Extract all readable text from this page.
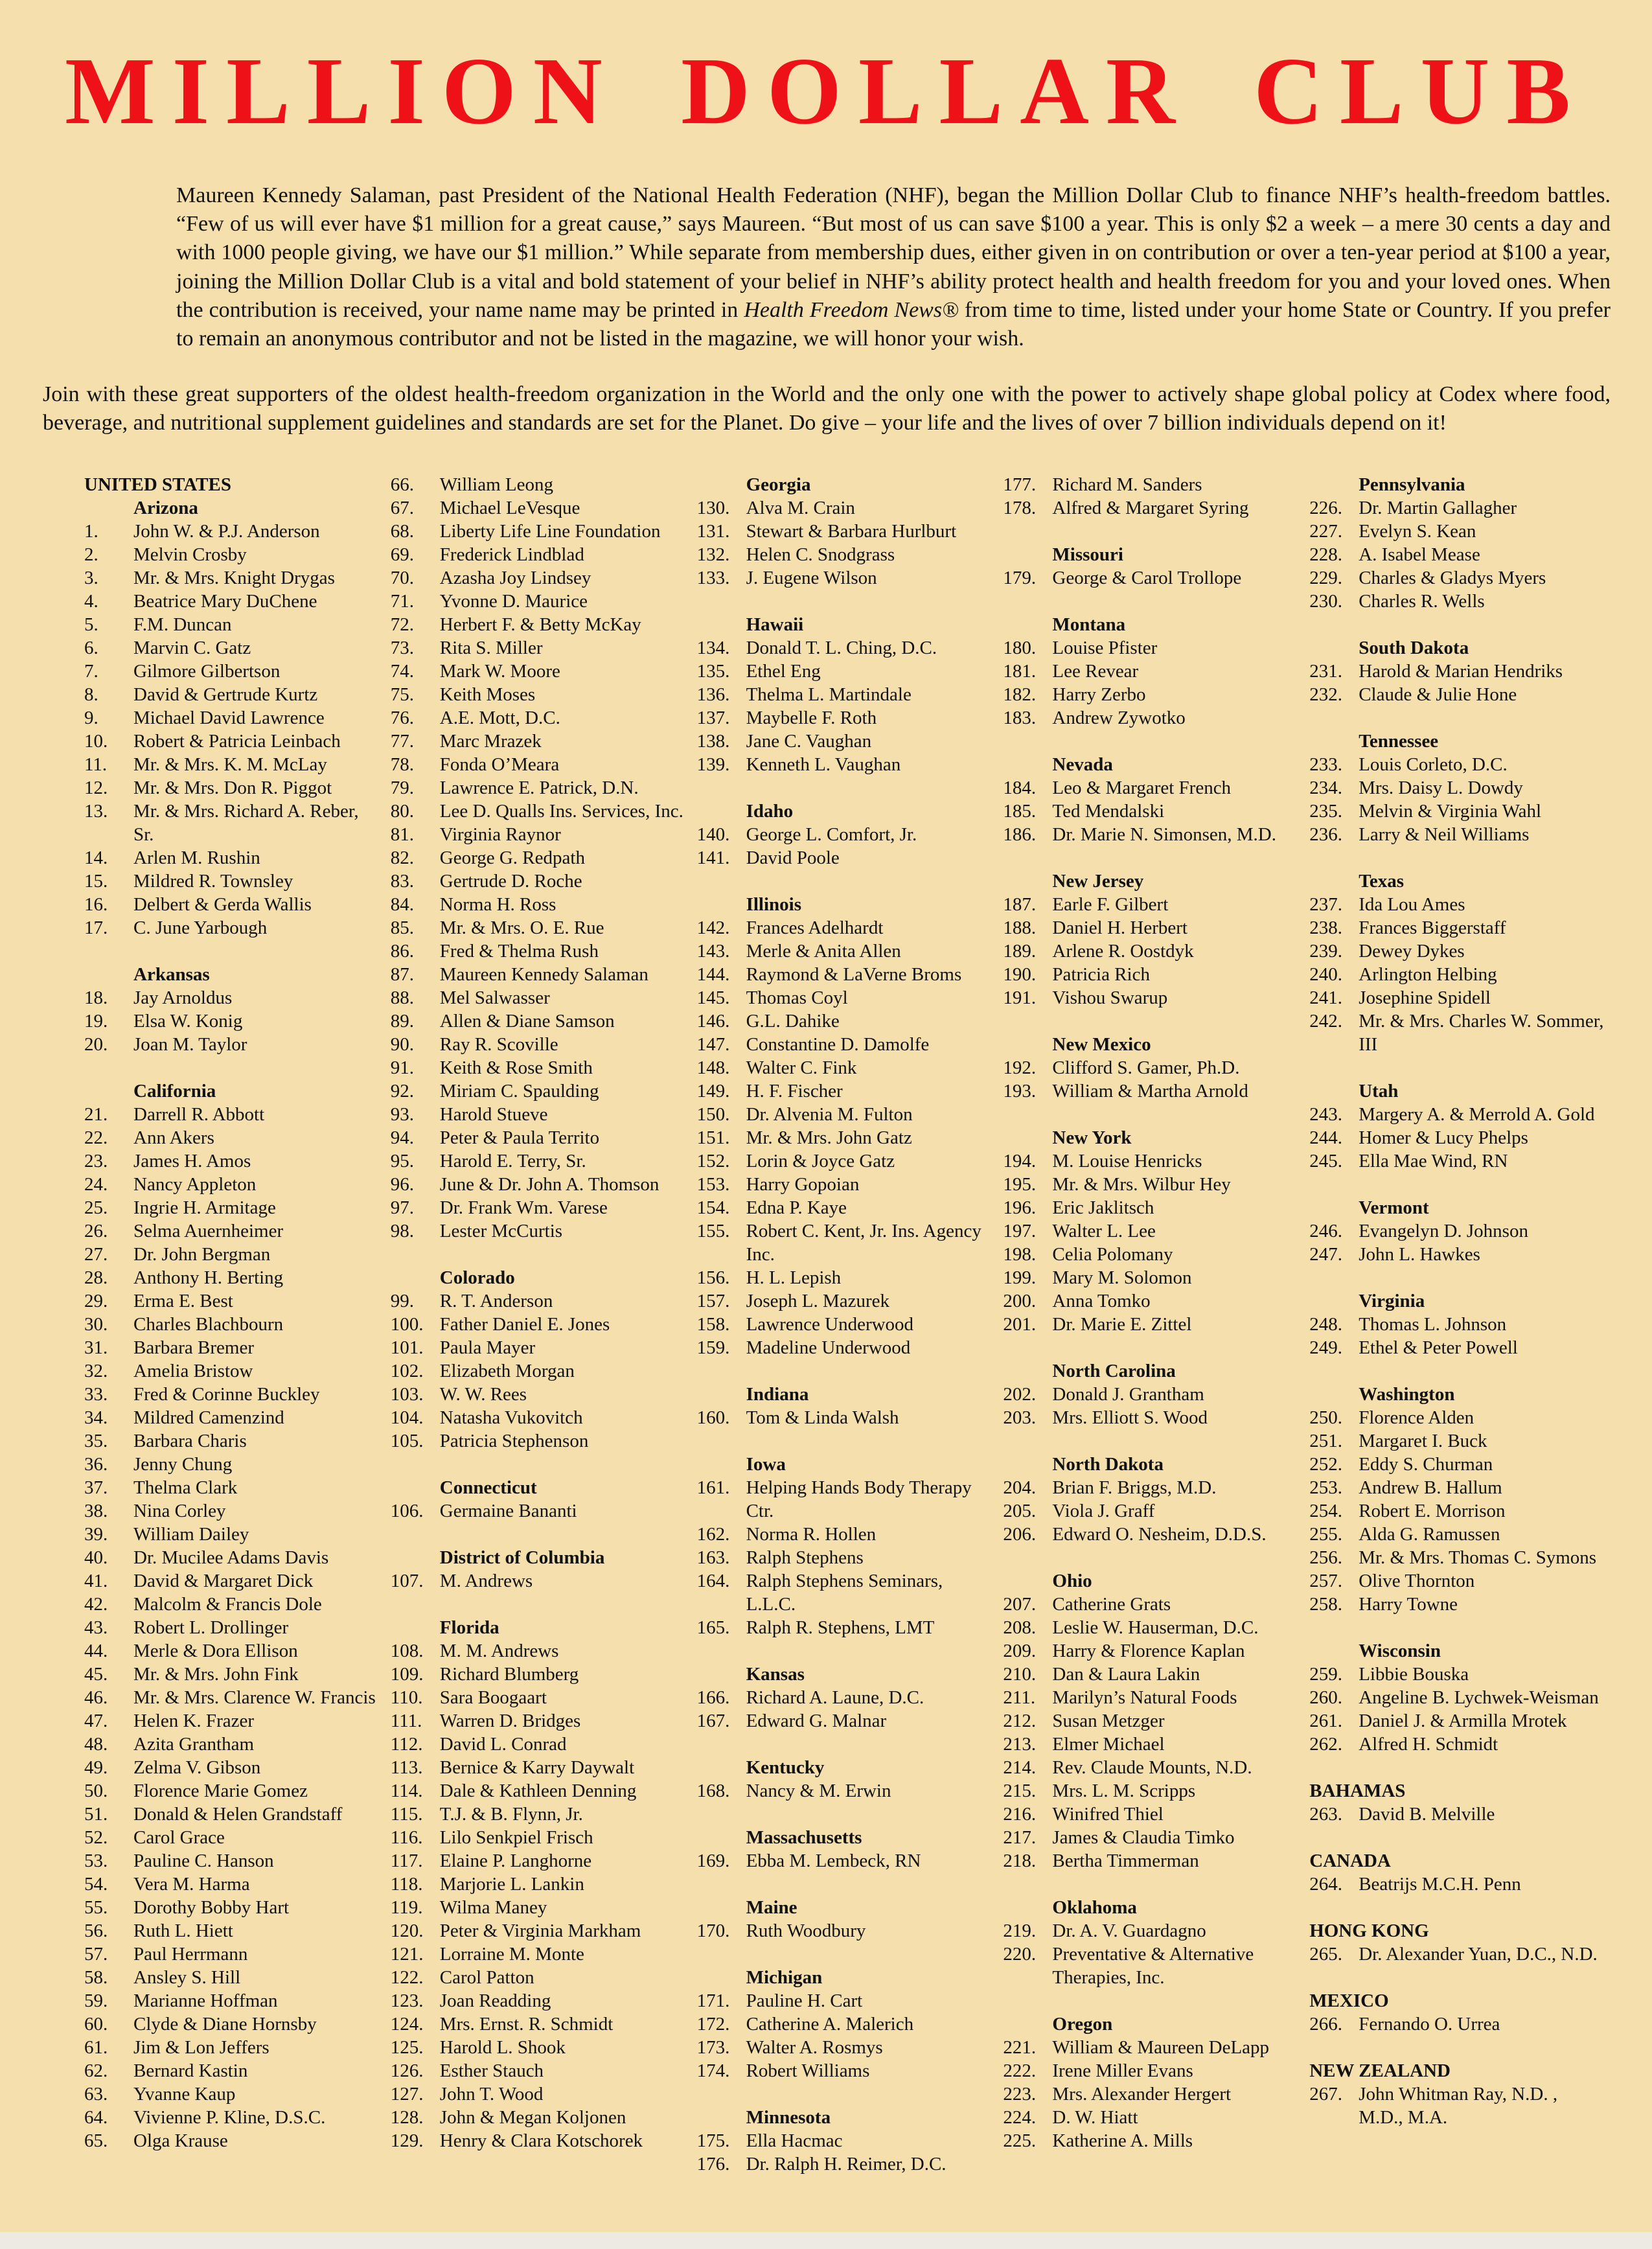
MILLION DOLLAR CLUB

Maureen Kennedy Salaman, past President of the National Health Federation (NHF), began the Million Dollar Club to finance NHF’s health-freedom battles. “Few of us will ever have $1 million for a great cause,” says Maureen. “But most of us can save $100 a year. This is only $2 a week – a mere 30 cents a day and with 1000 people giving, we have our $1 million.” While separate from membership dues, either given in on contribution or over a ten-year period at $100 a year, joining the Million Dollar Club is a vital and bold statement of your belief in NHF’s ability protect health and health freedom for you and your loved ones. When the contribution is received, your name name may be printed in Health Freedom News® from time to time, listed under your home State or Country. If you prefer to remain an anonymous contributor and not be listed in the magazine, we will honor your wish.

Join with these great supporters of the oldest health-freedom organization in the World and the only one with the power to actively shape global policy at Codex where food, beverage, and nutritional supplement guidelines and standards are set for the Planet. Do give – your life and the lives of over 7 billion individuals depend on it!

UNITED STATES
Arizona
1.	John W. & P.J. Anderson
2.	Melvin Crosby
3.	Mr. & Mrs. Knight Drygas
4.	Beatrice Mary DuChene
5.	F.M. Duncan
6.	Marvin C. Gatz
7.	Gilmore Gilbertson
8.	David & Gertrude Kurtz
9.	Michael David Lawrence
10.	Robert & Patricia Leinbach
11.	Mr. & Mrs. K. M. McLay
12.	Mr. & Mrs. Don R. Piggot
13.	Mr. & Mrs. Richard A. Reber, Sr.
14.	Arlen M. Rushin
15.	Mildred R. Townsley
16.	Delbert & Gerda Wallis
17.	C. June Yarbough
Arkansas
18.	Jay Arnoldus
19.	Elsa W. Konig
20.	Joan M. Taylor
California
21.	Darrell R. Abbott
22.	Ann Akers
23.	James H. Amos
24.	Nancy Appleton
25.	Ingrie H. Armitage
26.	Selma Auernheimer
27.	Dr. John Bergman
28.	Anthony H. Berting
29.	Erma E. Best
30.	Charles Blachbourn
31.	Barbara Bremer
32.	Amelia Bristow
33.	Fred & Corinne Buckley
34.	Mildred Camenzind
35.	Barbara Charis
36.	Jenny Chung
37.	Thelma Clark
38.	Nina Corley
39.	William Dailey
40.	Dr. Mucilee Adams Davis
41.	David & Margaret Dick
42.	Malcolm & Francis Dole
43.	Robert L. Drollinger
44.	Merle & Dora Ellison
45.	Mr. & Mrs. John Fink
46.	Mr. & Mrs. Clarence W. Francis
47.	Helen K. Frazer
48.	Azita Grantham
49.	Zelma V. Gibson
50.	Florence Marie Gomez
51.	Donald & Helen Grandstaff
52.	Carol Grace
53.	Pauline C. Hanson
54.	Vera M. Harma
55.	Dorothy Bobby Hart
56.	Ruth L. Hiett
57.	Paul Herrmann
58.	Ansley S. Hill
59.	Marianne Hoffman
60.	Clyde & Diane Hornsby
61.	Jim & Lon Jeffers
62.	Bernard Kastin
63.	Yvanne Kaup
64.	Vivienne P. Kline, D.S.C.
65.	Olga Krause
66.	William Leong
67.	Michael LeVesque
68.	Liberty Life Line Foundation
69.	Frederick Lindblad
70.	Azasha Joy Lindsey
71.	Yvonne D. Maurice
72.	Herbert F. & Betty McKay
73.	Rita S. Miller
74.	Mark W. Moore
75.	Keith Moses
76.	A.E. Mott, D.C.
77.	Marc Mrazek
78.	Fonda O’Meara
79.	Lawrence E. Patrick, D.N.
80.	Lee D. Qualls Ins. Services, Inc.
81.	Virginia Raynor
82.	George G. Redpath
83.	Gertrude D. Roche
84.	Norma H. Ross
85.	Mr. & Mrs. O. E. Rue
86.	Fred & Thelma Rush
87.	Maureen Kennedy Salaman
88.	Mel Salwasser
89.	Allen & Diane Samson
90.	Ray R. Scoville
91.	Keith & Rose Smith
92.	Miriam C. Spaulding
93.	Harold Stueve
94.	Peter & Paula Territo
95.	Harold E. Terry, Sr.
96.	June & Dr. John A. Thomson
97.	Dr. Frank Wm. Varese
98.	Lester McCurtis
Colorado
99.	R. T. Anderson
100. Father Daniel E. Jones
101. Paula Mayer
102. Elizabeth Morgan
103. W. W. Rees
104. Natasha Vukovitch
105. Patricia Stephenson
Connecticut
106. Germaine Bananti
District of Columbia
107. M. Andrews
Florida
108. M. M. Andrews
109. Richard Blumberg
110. Sara Boogaart
111. Warren D. Bridges
112. David L. Conrad
113. Bernice & Karry Daywalt
114. Dale & Kathleen Denning
115. T.J. & B. Flynn, Jr.
116. Lilo Senkpiel Frisch
117. Elaine P. Langhorne
118. Marjorie L. Lankin
119. Wilma Maney
120. Peter & Virginia Markham
121. Lorraine M. Monte
122. Carol Patton
123. Joan Readding
124. Mrs. Ernst. R. Schmidt
125. Harold L. Shook
126. Esther Stauch
127. John T. Wood
128. John & Megan Koljonen
129. Henry & Clara Kotschorek
Georgia
130. Alva M. Crain
131. Stewart & Barbara Hurlburt
132. Helen C. Snodgrass
133. J. Eugene Wilson
Hawaii
134. Donald T. L. Ching, D.C.
135. Ethel Eng
136. Thelma L. Martindale
137. Maybelle F. Roth
138. Jane C. Vaughan
139. Kenneth L. Vaughan
Idaho
140. George L. Comfort, Jr.
141. David Poole
Illinois
142. Frances Adelhardt
143. Merle & Anita Allen
144. Raymond & LaVerne Broms
145. Thomas Coyl
146. G.L. Dahike
147. Constantine D. Damolfe
148. Walter C. Fink
149. H. F. Fischer
150. Dr. Alvenia M. Fulton
151. Mr. & Mrs. John Gatz
152. Lorin & Joyce Gatz
153. Harry Gopoian
154. Edna P. Kaye
155. Robert C. Kent, Jr. Ins. Agency Inc.
156. H. L. Lepish
157. Joseph L. Mazurek
158. Lawrence Underwood
159. Madeline Underwood
Indiana
160. Tom & Linda Walsh
Iowa
161. Helping Hands Body Therapy Ctr.
162. Norma R. Hollen
163. Ralph Stephens
164. Ralph Stephens Seminars, L.L.C.
165. Ralph R. Stephens, LMT
Kansas
166. Richard A. Laune, D.C.
167. Edward G. Malnar
Kentucky
168. Nancy & M. Erwin
Massachusetts
169. Ebba M. Lembeck, RN
Maine
170. Ruth Woodbury
Michigan
171. Pauline H. Cart
172. Catherine A. Malerich
173. Walter A. Rosmys
174. Robert Williams
Minnesota
175. Ella Hacmac
176. Dr. Ralph H. Reimer, D.C.
177. Richard M. Sanders
178. Alfred & Margaret Syring
Missouri
179. George & Carol Trollope
Montana
180. Louise Pfister
181. Lee Revear
182. Harry Zerbo
183. Andrew Zywotko
Nevada
184. Leo & Margaret French
185. Ted Mendalski
186. Dr. Marie N. Simonsen, M.D.
New Jersey
187. Earle F. Gilbert
188. Daniel H. Herbert
189. Arlene R. Oostdyk
190. Patricia Rich
191. Vishou Swarup
New Mexico
192. Clifford S. Gamer, Ph.D.
193. William & Martha Arnold
New York
194. M. Louise Henricks
195. Mr. & Mrs. Wilbur Hey
196. Eric Jaklitsch
197. Walter L. Lee
198. Celia Polomany
199. Mary M. Solomon
200. Anna Tomko
201. Dr. Marie E. Zittel
North Carolina
202. Donald J. Grantham
203. Mrs. Elliott S. Wood
North Dakota
204. Brian F. Briggs, M.D.
205. Viola J. Graff
206. Edward O. Nesheim, D.D.S.
Ohio
207. Catherine Grats
208. Leslie W. Hauserman, D.C.
209. Harry & Florence Kaplan
210. Dan & Laura Lakin
211. Marilyn’s Natural Foods
212. Susan Metzger
213. Elmer Michael
214. Rev. Claude Mounts, N.D.
215. Mrs. L. M. Scripps
216. Winifred Thiel
217. James & Claudia Timko
218. Bertha Timmerman
Oklahoma
219. Dr. A. V. Guardagno
220. Preventative & Alternative Therapies, Inc.
Oregon
221. William & Maureen DeLapp
222. Irene Miller Evans
223. Mrs. Alexander Hergert
224. D. W. Hiatt
225. Katherine A. Mills
Pennsylvania
226. Dr. Martin Gallagher
227. Evelyn S. Kean
228. A. Isabel Mease
229. Charles & Gladys Myers
230. Charles R. Wells
South Dakota
231. Harold & Marian Hendriks
232. Claude & Julie Hone
Tennessee
233. Louis Corleto, D.C.
234. Mrs. Daisy L. Dowdy
235. Melvin & Virginia Wahl
236. Larry & Neil Williams
Texas
237. Ida Lou Ames
238. Frances Biggerstaff
239. Dewey Dykes
240. Arlington Helbing
241. Josephine Spidell
242. Mr. & Mrs. Charles W. Sommer, III
Utah
243. Margery A. & Merrold A. Gold
244. Homer & Lucy Phelps
245. Ella Mae Wind, RN
Vermont
246. Evangelyn D. Johnson
247. John L. Hawkes
Virginia
248. Thomas L. Johnson
249. Ethel & Peter Powell
Washington
250. Florence Alden
251. Margaret I. Buck
252. Eddy S. Churman
253. Andrew B. Hallum
254. Robert E. Morrison
255. Alda G. Ramussen
256. Mr. & Mrs. Thomas C. Symons
257. Olive Thornton
258. Harry Towne
Wisconsin
259. Libbie Bouska
260. Angeline B. Lychwek-Weisman
261. Daniel J. & Armilla Mrotek
262. Alfred H. Schmidt
BAHAMAS
263. David B. Melville
CANADA
264. Beatrijs M.C.H. Penn
HONG KONG
265. Dr. Alexander Yuan, D.C., N.D.
MEXICO
266. Fernando O. Urrea
NEW ZEALAND
267. John Whitman Ray, N.D. , M.D., M.A.
